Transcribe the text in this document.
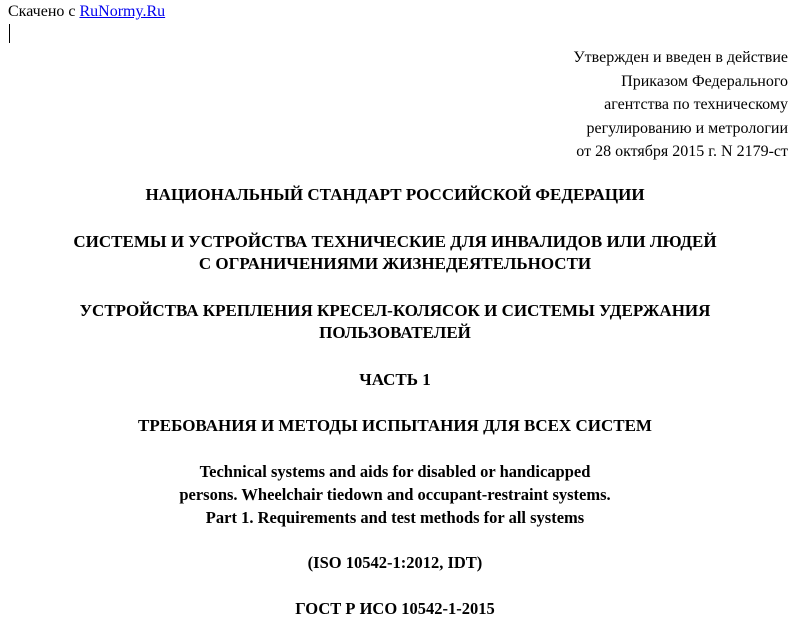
Скачено с RuNormy.Ru
Утвержден и введен в действие
Приказом Федерального
агентства по техническому
регулированию и метрологии
от 28 октября 2015 г. N 2179-ст
НАЦИОНАЛЬНЫЙ СТАНДАРТ РОССИЙСКОЙ ФЕДЕРАЦИИ
СИСТЕМЫ И УСТРОЙСТВА ТЕХНИЧЕСКИЕ ДЛЯ ИНВАЛИДОВ ИЛИ ЛЮДЕЙ
С ОГРАНИЧЕНИЯМИ ЖИЗНЕДЕЯТЕЛЬНОСТИ
УСТРОЙСТВА КРЕПЛЕНИЯ КРЕСЕЛ-КОЛЯСОК И СИСТЕМЫ УДЕРЖАНИЯ
ПОЛЬЗОВАТЕЛЕЙ
ЧАСТЬ 1
ТРЕБОВАНИЯ И МЕТОДЫ ИСПЫТАНИЯ ДЛЯ ВСЕХ СИСТЕМ
Technical systems and aids for disabled or handicapped
persons. Wheelchair tiedown and occupant-restraint systems.
Part 1. Requirements and test methods for all systems
(ISO 10542-1:2012, IDT)
ГОСТ Р ИСО 10542-1-2015
